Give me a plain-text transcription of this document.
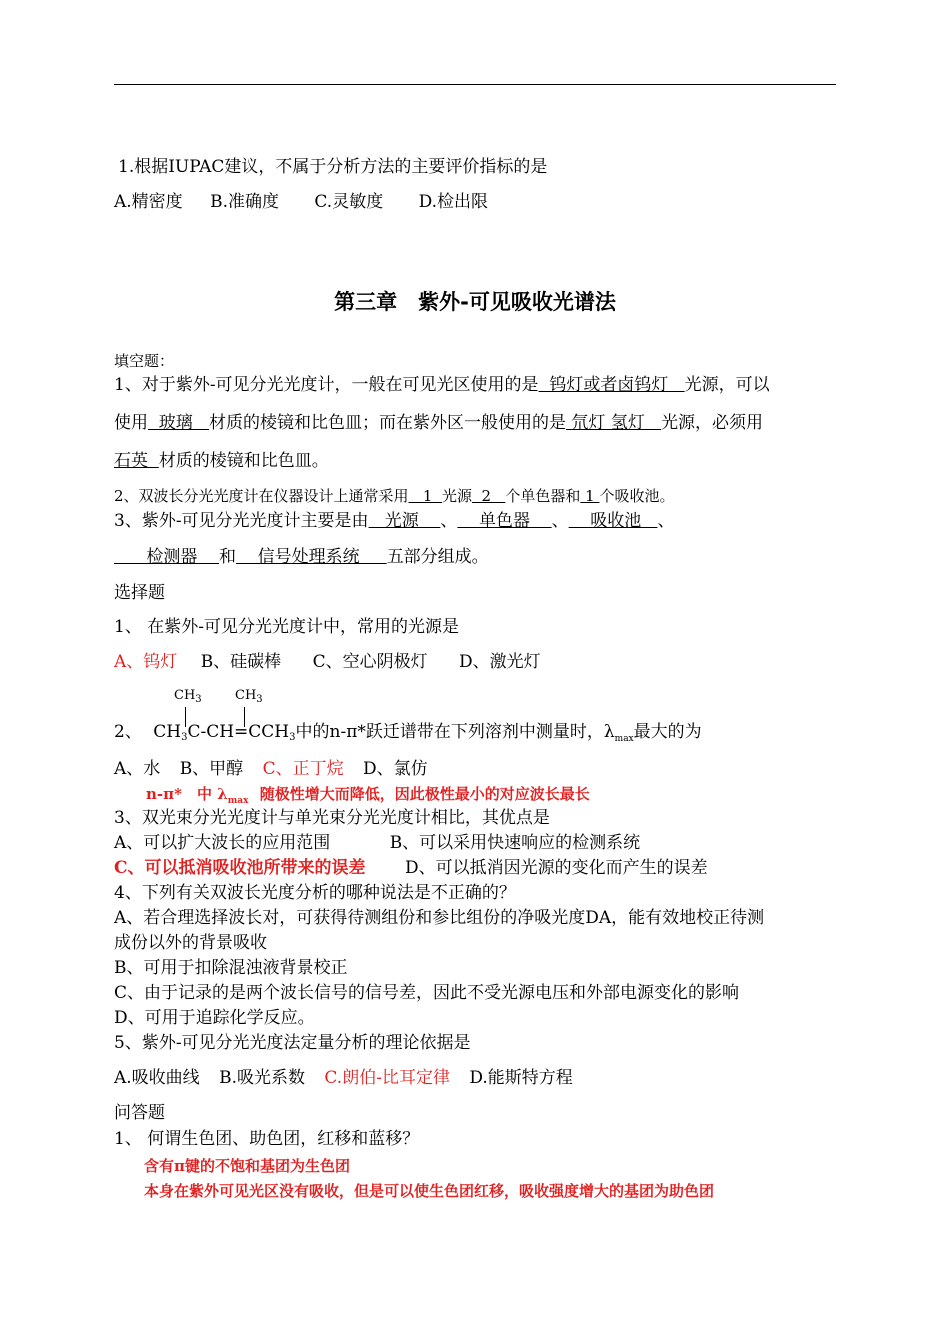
1.根据IUPAC建议，不属于分析方法的主要评价指标的是
A.精密度 B.准确度 C.灵敏度 D.检出限
第三章　紫外-可见吸收光谱法
填空题：
1、对于紫外-可见分光光度计，一般在可见光区使用的是  钨灯或者卤钨灯   光源，可以
使用  玻璃   材质的棱镜和比色皿；而在紫外区一般使用的是 氘灯 氢灯   光源，必须用
石英  材质的棱镜和比色皿。
2、双波长分光光度计在仪器设计上通常采用   1  光源  2   个单色器和 1 个吸收池。
3、紫外-可见分光光度计主要是由   光源    、    单色器    、    吸收池   、
检测器    和    信号处理系统     五部分组成。
选择题
1、 在紫外-可见分光光度计中，常用的光源是
A、钨灯 B、硅碳棒 C、空心阴极灯 D、激光灯
$CH_3$	$CH_3$
2、 $CH_3C-CH=CCH_3$中的n-π*跃迁谱带在下列溶剂中测量时，$\lambda_{max}$最大的为
A、水 B、甲醇 C、正丁烷 D、氯仿
n-π*　中 $\lambda_{max}$ 随极性增大而降低，因此极性最小的对应波长最长
3、双光束分光光度计与单光束分光光度计相比，其优点是
A、可以扩大波长的应用范围	B、可以采用快速响应的检测系统
C、可以抵消吸收池所带来的误差 D、可以抵消因光源的变化而产生的误差
4、下列有关双波长光度分析的哪种说法是不正确的？
A、若合理选择波长对，可获得待测组份和参比组份的净吸光度DA，能有效地校正待测
成份以外的背景吸收
B、可用于扣除混浊液背景校正
C、由于记录的是两个波长信号的信号差，因此不受光源电压和外部电源变化的影响
D、可用于追踪化学反应。
5、紫外-可见分光光度法定量分析的理论依据是
A.吸收曲线 B.吸光系数 C.朗伯-比耳定律 D.能斯特方程
问答题
1、 何谓生色团、助色团，红移和蓝移？
含有π键的不饱和基团为生色团
本身在紫外可见光区没有吸收，但是可以使生色团红移，吸收强度增大的基团为助色团
